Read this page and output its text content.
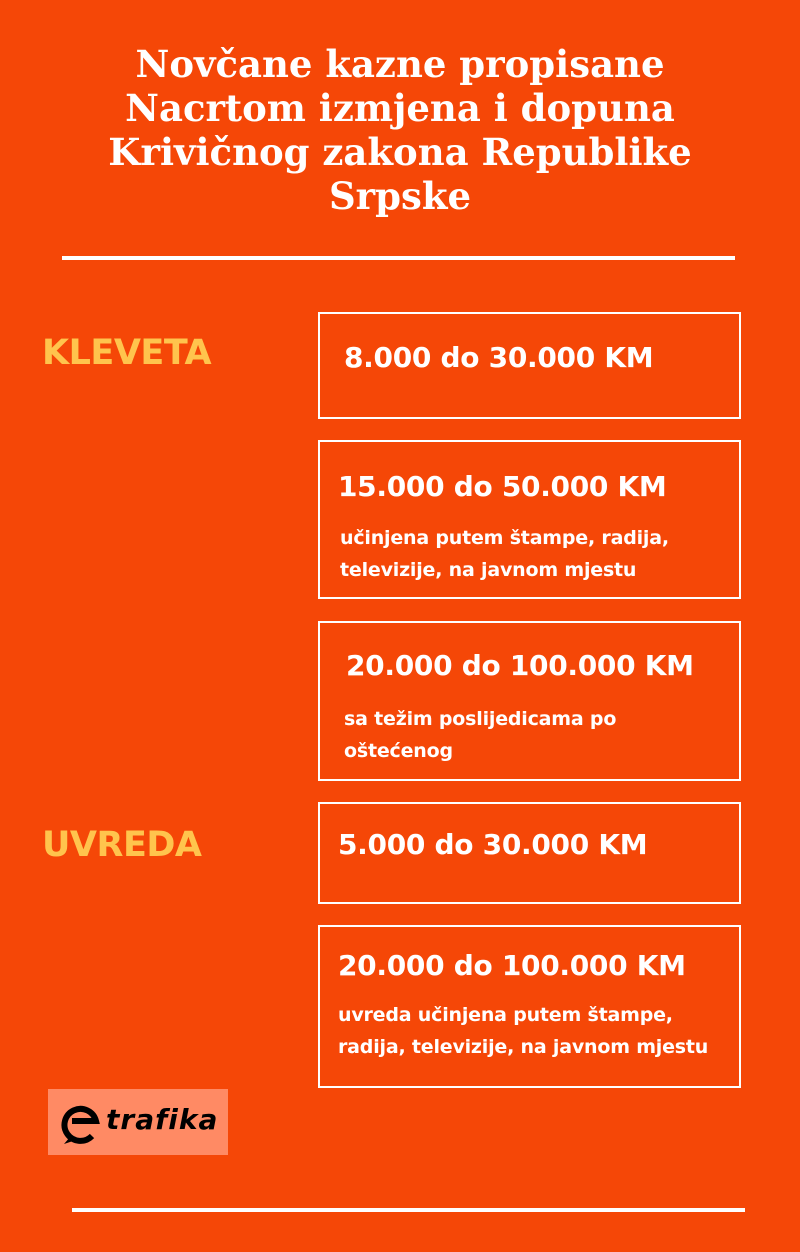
Novčane kazne propisane Nacrtom izmjena i dopuna Krivičnog zakona Republike Srpske
KLEVETA	8.000 do 30.000 KM
15.000 do 50.000 KM
učinjena putem štampe, radija, televizije, na javnom mjestu
20.000 do 100.000 KM
sa težim poslijedicama po oštećenog
UVREDA	5.000 do 30.000 KM
20.000 do 100.000 KM
uvreda učinjena putem štampe, radija, televizije, na javnom mjestu
trafika
